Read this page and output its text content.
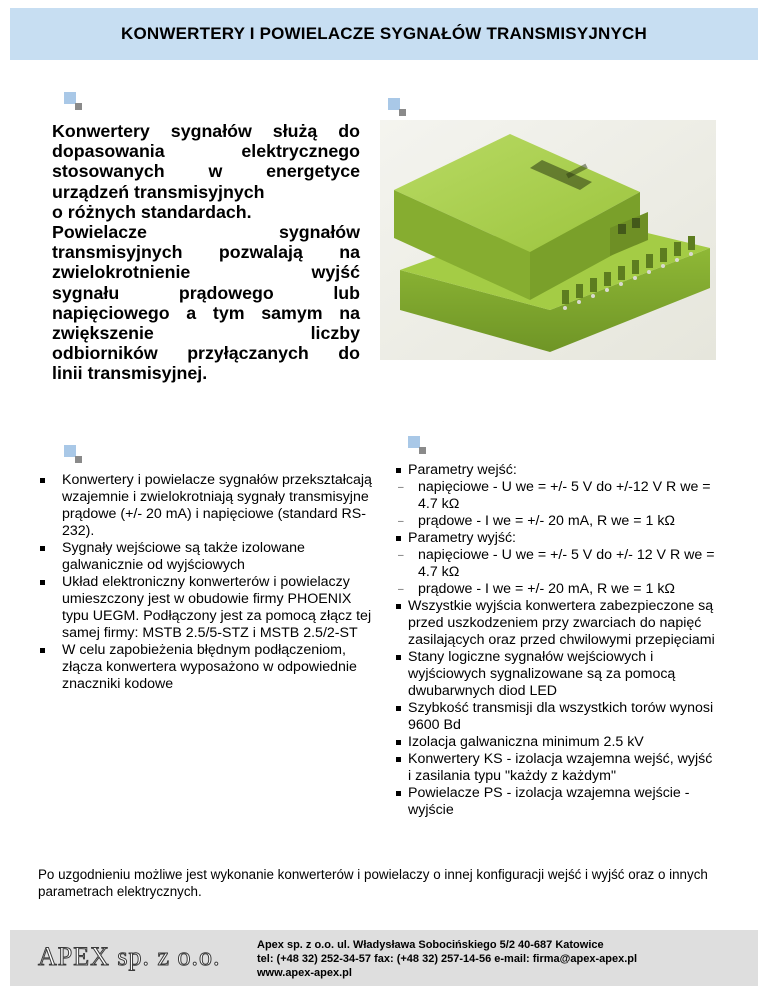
KONWERTERY I POWIELACZE SYGNAŁÓW TRANSMISYJNYCH
Konwertery sygnałów służą do
dopasowania elektrycznego
stosowanych w energetyce
urządzeń transmisyjnych
o różnych standardach.
Powielacze sygnałów
transmisyjnych pozwalają na
zwielokrotnienie wyjść
sygnału prądowego lub
napięciowego a tym samym na
zwiększenie liczby
odbiorników przyłączanych do
linii transmisyjnej.
Konwertery i powielacze sygnałów przekształcają wzajemnie i zwielokrotniają sygnały transmisyjne prądowe (+/- 20 mA) i napięciowe (standard RS-232).
Sygnały wejściowe są także izolowane galwanicznie od wyjściowych
Układ elektroniczny konwerterów i powielaczy umieszczony jest w obudowie firmy PHOENIX typu UEGM. Podłączony jest za pomocą złącz tej samej firmy: MSTB 2.5/5-STZ i MSTB 2.5/2-ST
W celu zapobieżenia błędnym podłączeniom, złącza konwertera wyposażono w odpowiednie znaczniki kodowe
Parametry wejść:
– napięciowe - U we = +/- 5 V do +/-12 V R we = 4.7 kΩ
– prądowe - I we = +/- 20 mA, R we = 1 kΩ
Parametry wyjść:
– napięciowe - U we = +/- 5 V do +/- 12 V R we = 4.7 kΩ
– prądowe - I we = +/- 20 mA, R we = 1 kΩ
Wszystkie wyjścia konwertera zabezpieczone są przed uszkodzeniem przy zwarciach do napięć zasilających oraz przed chwilowymi przepięciami
Stany logiczne sygnałów wejściowych i wyjściowych sygnalizowane są za pomocą dwubarwnych diod LED
Szybkość transmisji dla wszystkich torów wynosi 9600 Bd
Izolacja galwaniczna minimum 2.5 kV
Konwertery KS - izolacja wzajemna wejść, wyjść i zasilania typu "każdy z każdym"
Powielacze PS - izolacja wzajemna wejście - wyjście
Po uzgodnieniu możliwe jest wykonanie konwerterów i powielaczy o innej konfiguracji wejść i wyjść oraz o innych parametrach elektrycznych.
APEX sp. z o.o.	Apex sp. z o.o. ul. Władysława Sobocińskiego 5/2 40-687 Katowice
tel: (+48 32) 252-34-57 fax: (+48 32) 257-14-56 e-mail: firma@apex-apex.pl
www.apex-apex.pl
